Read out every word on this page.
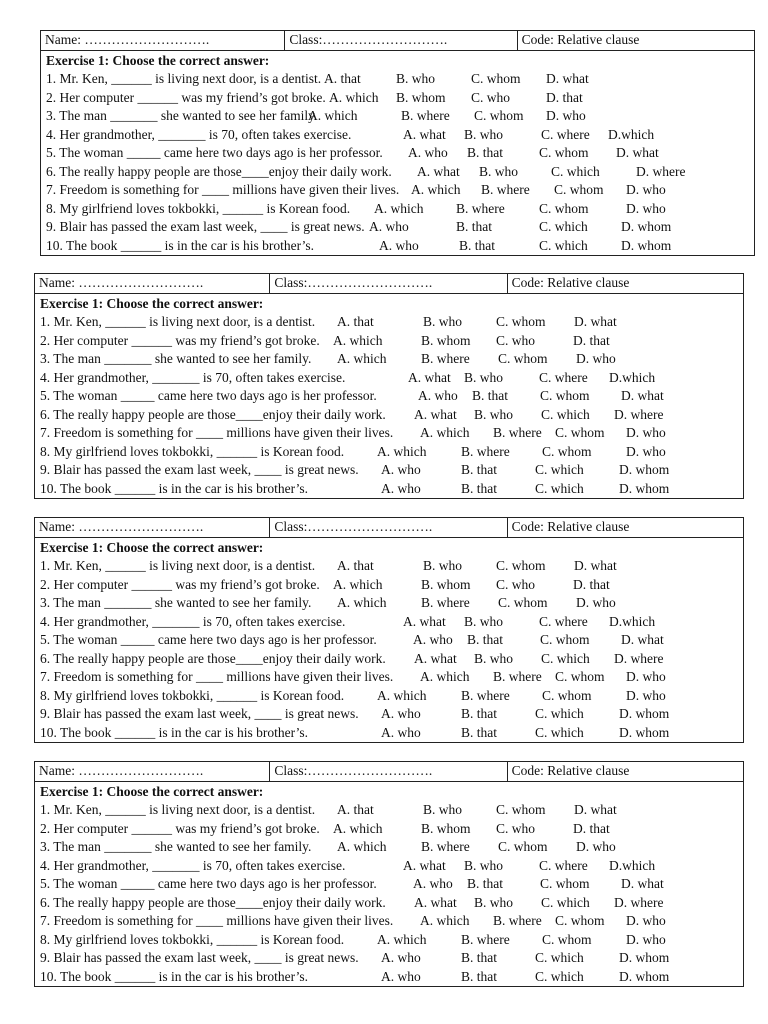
Name: ……………………….	Class:……………………….	Code: Relative clause
Exercise 1: Choose the correct answer:
1. Mr. Ken, ______ is living next door, is a dentist. A. that	B. who	C. whom D. what
2. Her computer ______ was my friend’s got broke. A. which B. whom C. who	D. that
3. The man _______ she wanted to see her family.
A. which	B. where C. whom D. who
4. Her grandmother, _______ is 70, often takes exercise.	A. what B. who	C. where D.which
5. The woman _____ came here two days ago is her professor. A. who B. that	C. whom D. what
6. The really happy people are those____enjoy their daily work. A. what B. who C. which	D. where
7. Freedom is something for ____ millions have given their lives. A. which B. where C. whom D. who
8. My girlfriend loves tokbokki, ______ is Korean food. A. which B. where	C. whom	D. who
9. Blair has passed the exam last week, ____ is great news. A. who	B. that	C. which D. whom
10. The book ______ is in the car is his brother’s.	A. who	B. that	C. which D. whom
Name: ……………………….	Class:……………………….	Code: Relative clause
Exercise 1: Choose the correct answer:
1. Mr. Ken, ______ is living next door, is a dentist. A. that	B. who	C. whom D. what
2. Her computer ______ was my friend’s got broke. A. which	B. whom C. who	D. that
3. The man _______ she wanted to see her family. A. which	B. where C. whom D. who
4. Her grandmother, _______ is 70, often takes exercise.	A. what B. who	C. where D.which
5. The woman _____ came here two days ago is her professor.	A. who B. that C. whom D. what
6. The really happy people are those____enjoy their daily work. A. what B. who C. which D. where
7. Freedom is something for ____ millions have given their lives. A. which B. where C. whom D. who
8. My girlfriend loves tokbokki, ______ is Korean food. A. which	B. where C. whom	D. who
9. Blair has passed the exam last week, ____ is great news. A. who	B. that	C. which	D. whom
10. The book ______ is in the car is his brother’s.	A. who	B. that	C. which	D. whom
Name: ……………………….	Class:……………………….	Code: Relative clause
Exercise 1: Choose the correct answer:
1. Mr. Ken, ______ is living next door, is a dentist. A. that	B. who	C. whom D. what
2. Her computer ______ was my friend’s got broke. A. which	B. whom C. who	D. that
3. The man _______ she wanted to see her family. A. which	B. where C. whom D. who
4. Her grandmother, _______ is 70, often takes exercise.	A. what B. who	C. where D.which
5. The woman _____ came here two days ago is her professor.	A. who B. that	C. whom D. what
6. The really happy people are those____enjoy their daily work. A. what B. who C. which D. where
7. Freedom is something for ____ millions have given their lives. A. which B. where C. whom D. who
8. My girlfriend loves tokbokki, ______ is Korean food. A. which	B. where C. whom	D. who
9. Blair has passed the exam last week, ____ is great news. A. who	B. that	C. which	D. whom
10. The book ______ is in the car is his brother’s.	A. who	B. that	C. which	D. whom
Name: ……………………….	Class:……………………….	Code: Relative clause
Exercise 1: Choose the correct answer:
1. Mr. Ken, ______ is living next door, is a dentist. A. that	B. who	C. whom D. what
2. Her computer ______ was my friend’s got broke. A. which	B. whom C. who	D. that
3. The man _______ she wanted to see her family. A. which	B. where C. whom D. who
4. Her grandmother, _______ is 70, often takes exercise.	A. what B. who	C. where D.which
5. The woman _____ came here two days ago is her professor.	A. who B. that	C. whom D. what
6. The really happy people are those____enjoy their daily work. A. what B. who C. which D. where
7. Freedom is something for ____ millions have given their lives. A. which B. where C. whom D. who
8. My girlfriend loves tokbokki, ______ is Korean food. A. which	B. where C. whom	D. who
9. Blair has passed the exam last week, ____ is great news. A. who	B. that	C. which	D. whom
10. The book ______ is in the car is his brother’s.	A. who	B. that	C. which	D. whom
